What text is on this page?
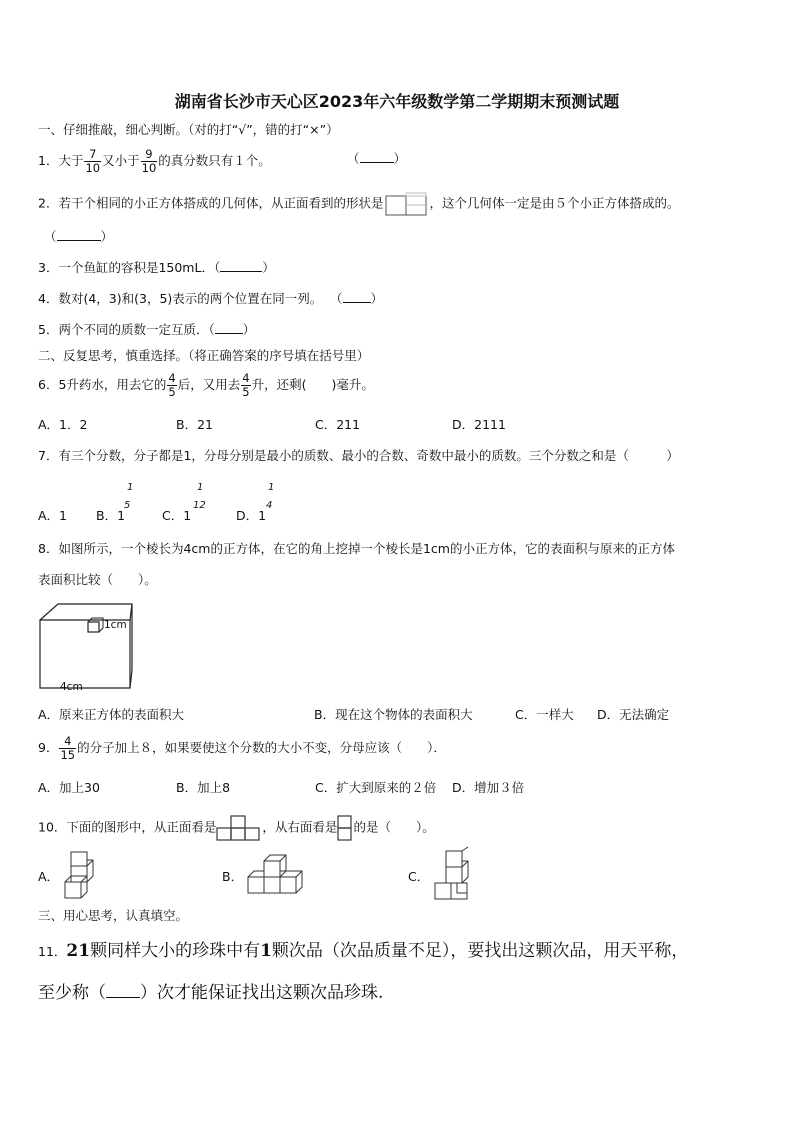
湖南省长沙市天心区2023年六年级数学第二学期期末预测试题
一、仔细推敲，细心判断。（对的打“√”，错的打“×”）
1．大于 $\frac{7}{10}$ 又小于 $\frac{9}{10}$ 的真分数只有１个。	（	）
2．若干个相同的小正方体搭成的几何体，从正面看到的形状是	，这个几何体一定是由５个小正方体搭成的。
（	）
3．一个鱼缸的容积是150mL．（	）
4．数对(4，3)和(3，5)表示的两个位置在同一列。 （ ）
5．两个不同的质数一定互质．（ ）
二、反复思考，慎重选择。（将正确答案的序号填在括号里）
6．5升药水，用去它的 $\frac{4}{5}$ 后，又用去 $\frac{4}{5}$ 升，还剩(　　)毫升。
A．1．2	B．21	C．211	D．2111
7．有三个分数，分子都是1，分母分别是最小的质数、最小的合数、奇数中最小的质数。三个分数之和是（　　　）
A．1 B．1
1
5
C．1
1
12
D．1
1
4
8．如图所示，一个棱长为4cm的正方体，在它的角上挖掉一个棱长是1cm的小正方体，它的表面积与原来的正方体
表面积比较（　　）。
1cm
4cm
A．原来正方体的表面积大	B．现在这个物体的表面积大	C．一样大 D．无法确定
9． $\frac{4}{15}$ 的分子加上８，如果要使这个分数的大小不变，分母应该（　　）．
A．加上30	B．加上8	C．扩大到原来的２倍 D．增加３倍
10．下面的图形中，从正面看是	，从右面看是 的是（　　）。
A．	B．	C．
三、用心思考，认真填空。
11．21颗同样大小的珍珠中有1颗次品（次品质量不足），要找出这颗次品，用天平称，
至少称（ ）次才能保证找出这颗次品珍珠.
